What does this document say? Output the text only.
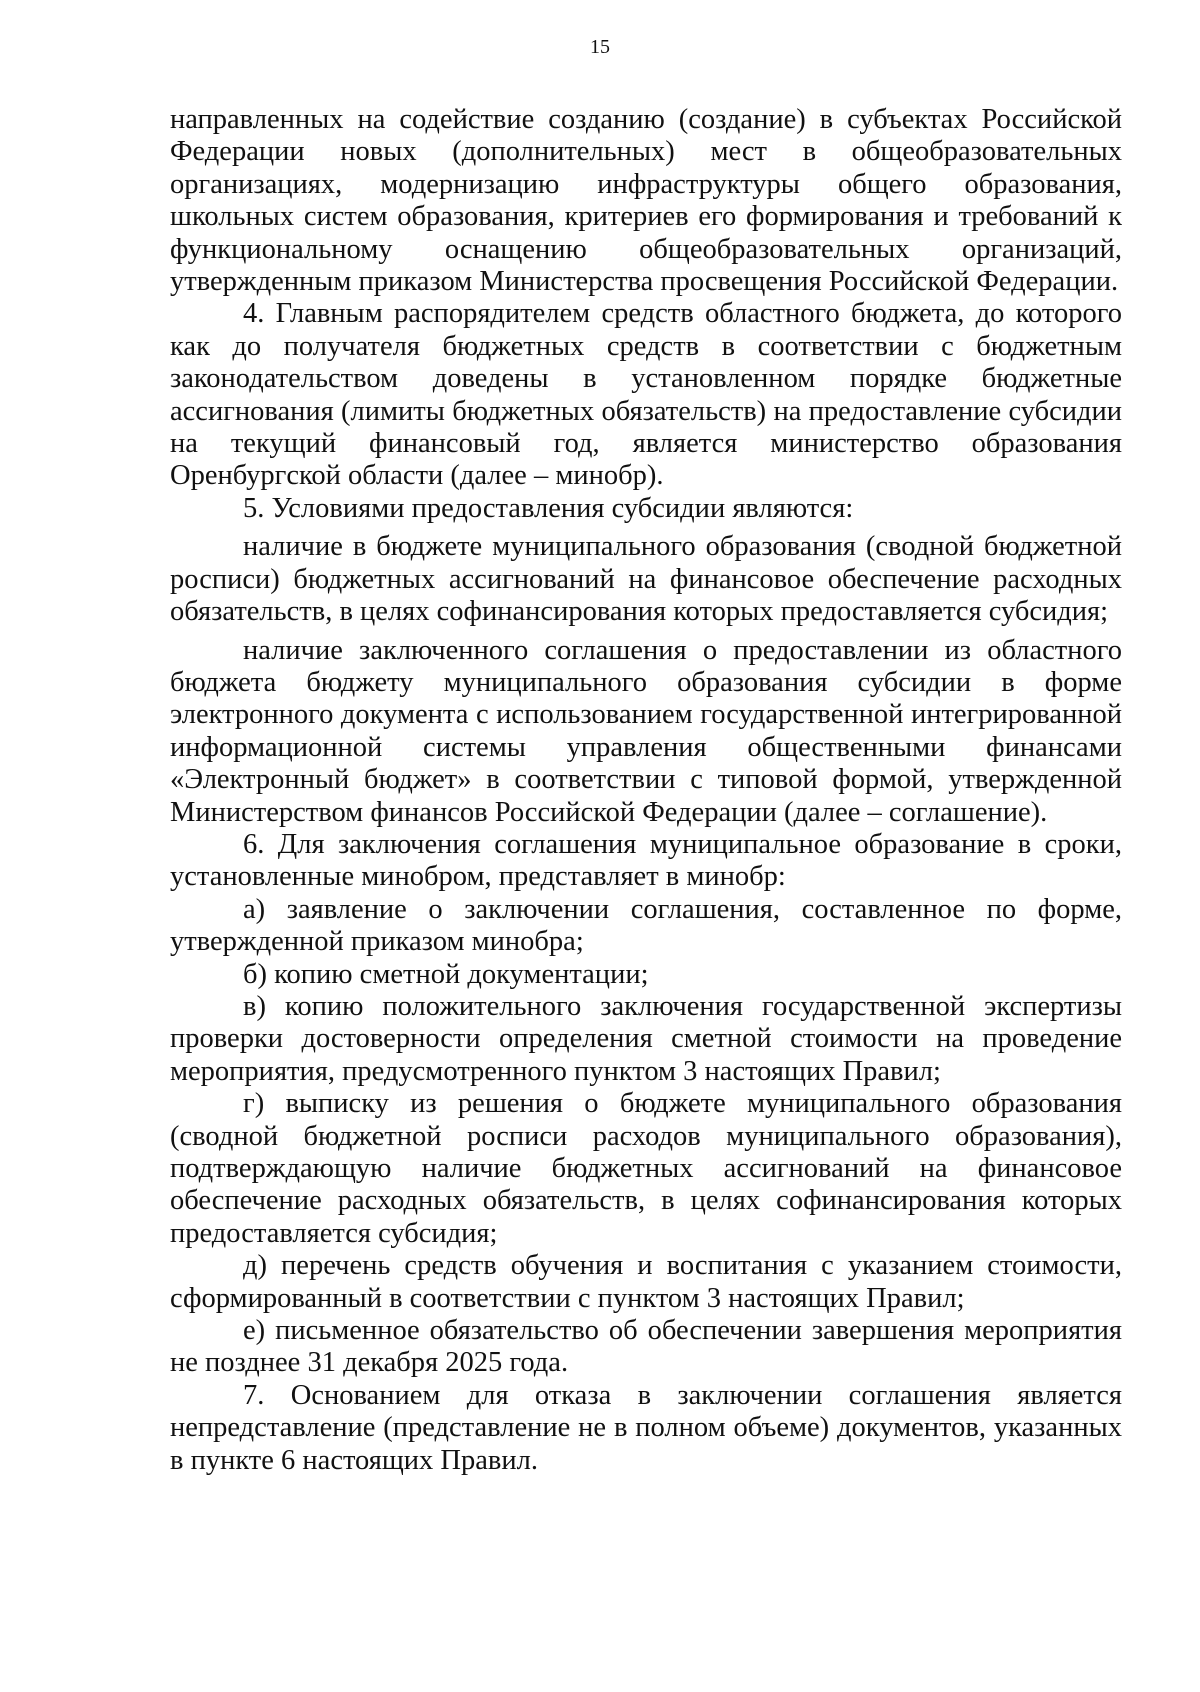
15

направленных на содействие созданию (создание) в субъектах Российской Федерации новых (дополнительных) мест в общеобразовательных организациях, модернизацию инфраструктуры общего образования, школьных систем образования, критериев его формирования и требований к функциональному оснащению общеобразовательных организаций, утвержденным приказом Министерства просвещения Российской Федерации.

4. Главным распорядителем средств областного бюджета, до которого как до получателя бюджетных средств в соответствии с бюджетным законодательством доведены в установленном порядке бюджетные ассигнования (лимиты бюджетных обязательств) на предоставление субсидии на текущий финансовый год, является министерство образования Оренбургской области (далее – минобр).

5. Условиями предоставления субсидии являются:

наличие в бюджете муниципального образования (сводной бюджетной росписи) бюджетных ассигнований на финансовое обеспечение расходных обязательств, в целях софинансирования которых предоставляется субсидия;

наличие заключенного соглашения о предоставлении из областного бюджета бюджету муниципального образования субсидии в форме электронного документа с использованием государственной интегрированной информационной системы управления общественными финансами «Электронный бюджет» в соответствии с типовой формой, утвержденной Министерством финансов Российской Федерации (далее – соглашение).

6. Для заключения соглашения муниципальное образование в сроки, установленные минобром, представляет в минобр:

а) заявление о заключении соглашения, составленное по форме, утвержденной приказом минобра;

б) копию сметной документации;

в) копию положительного заключения государственной экспертизы проверки достоверности определения сметной стоимости на проведение мероприятия, предусмотренного пунктом 3 настоящих Правил;

г) выписку из решения о бюджете муниципального образования (сводной бюджетной росписи расходов муниципального образования), подтверждающую наличие бюджетных ассигнований на финансовое обеспечение расходных обязательств, в целях софинансирования которых предоставляется субсидия;

д) перечень средств обучения и воспитания с указанием стоимости, сформированный в соответствии с пунктом 3 настоящих Правил;

е) письменное обязательство об обеспечении завершения мероприятия не позднее 31 декабря 2025 года.

7. Основанием для отказа в заключении соглашения является непредставление (представление не в полном объеме) документов, указанных в пункте 6 настоящих Правил.
